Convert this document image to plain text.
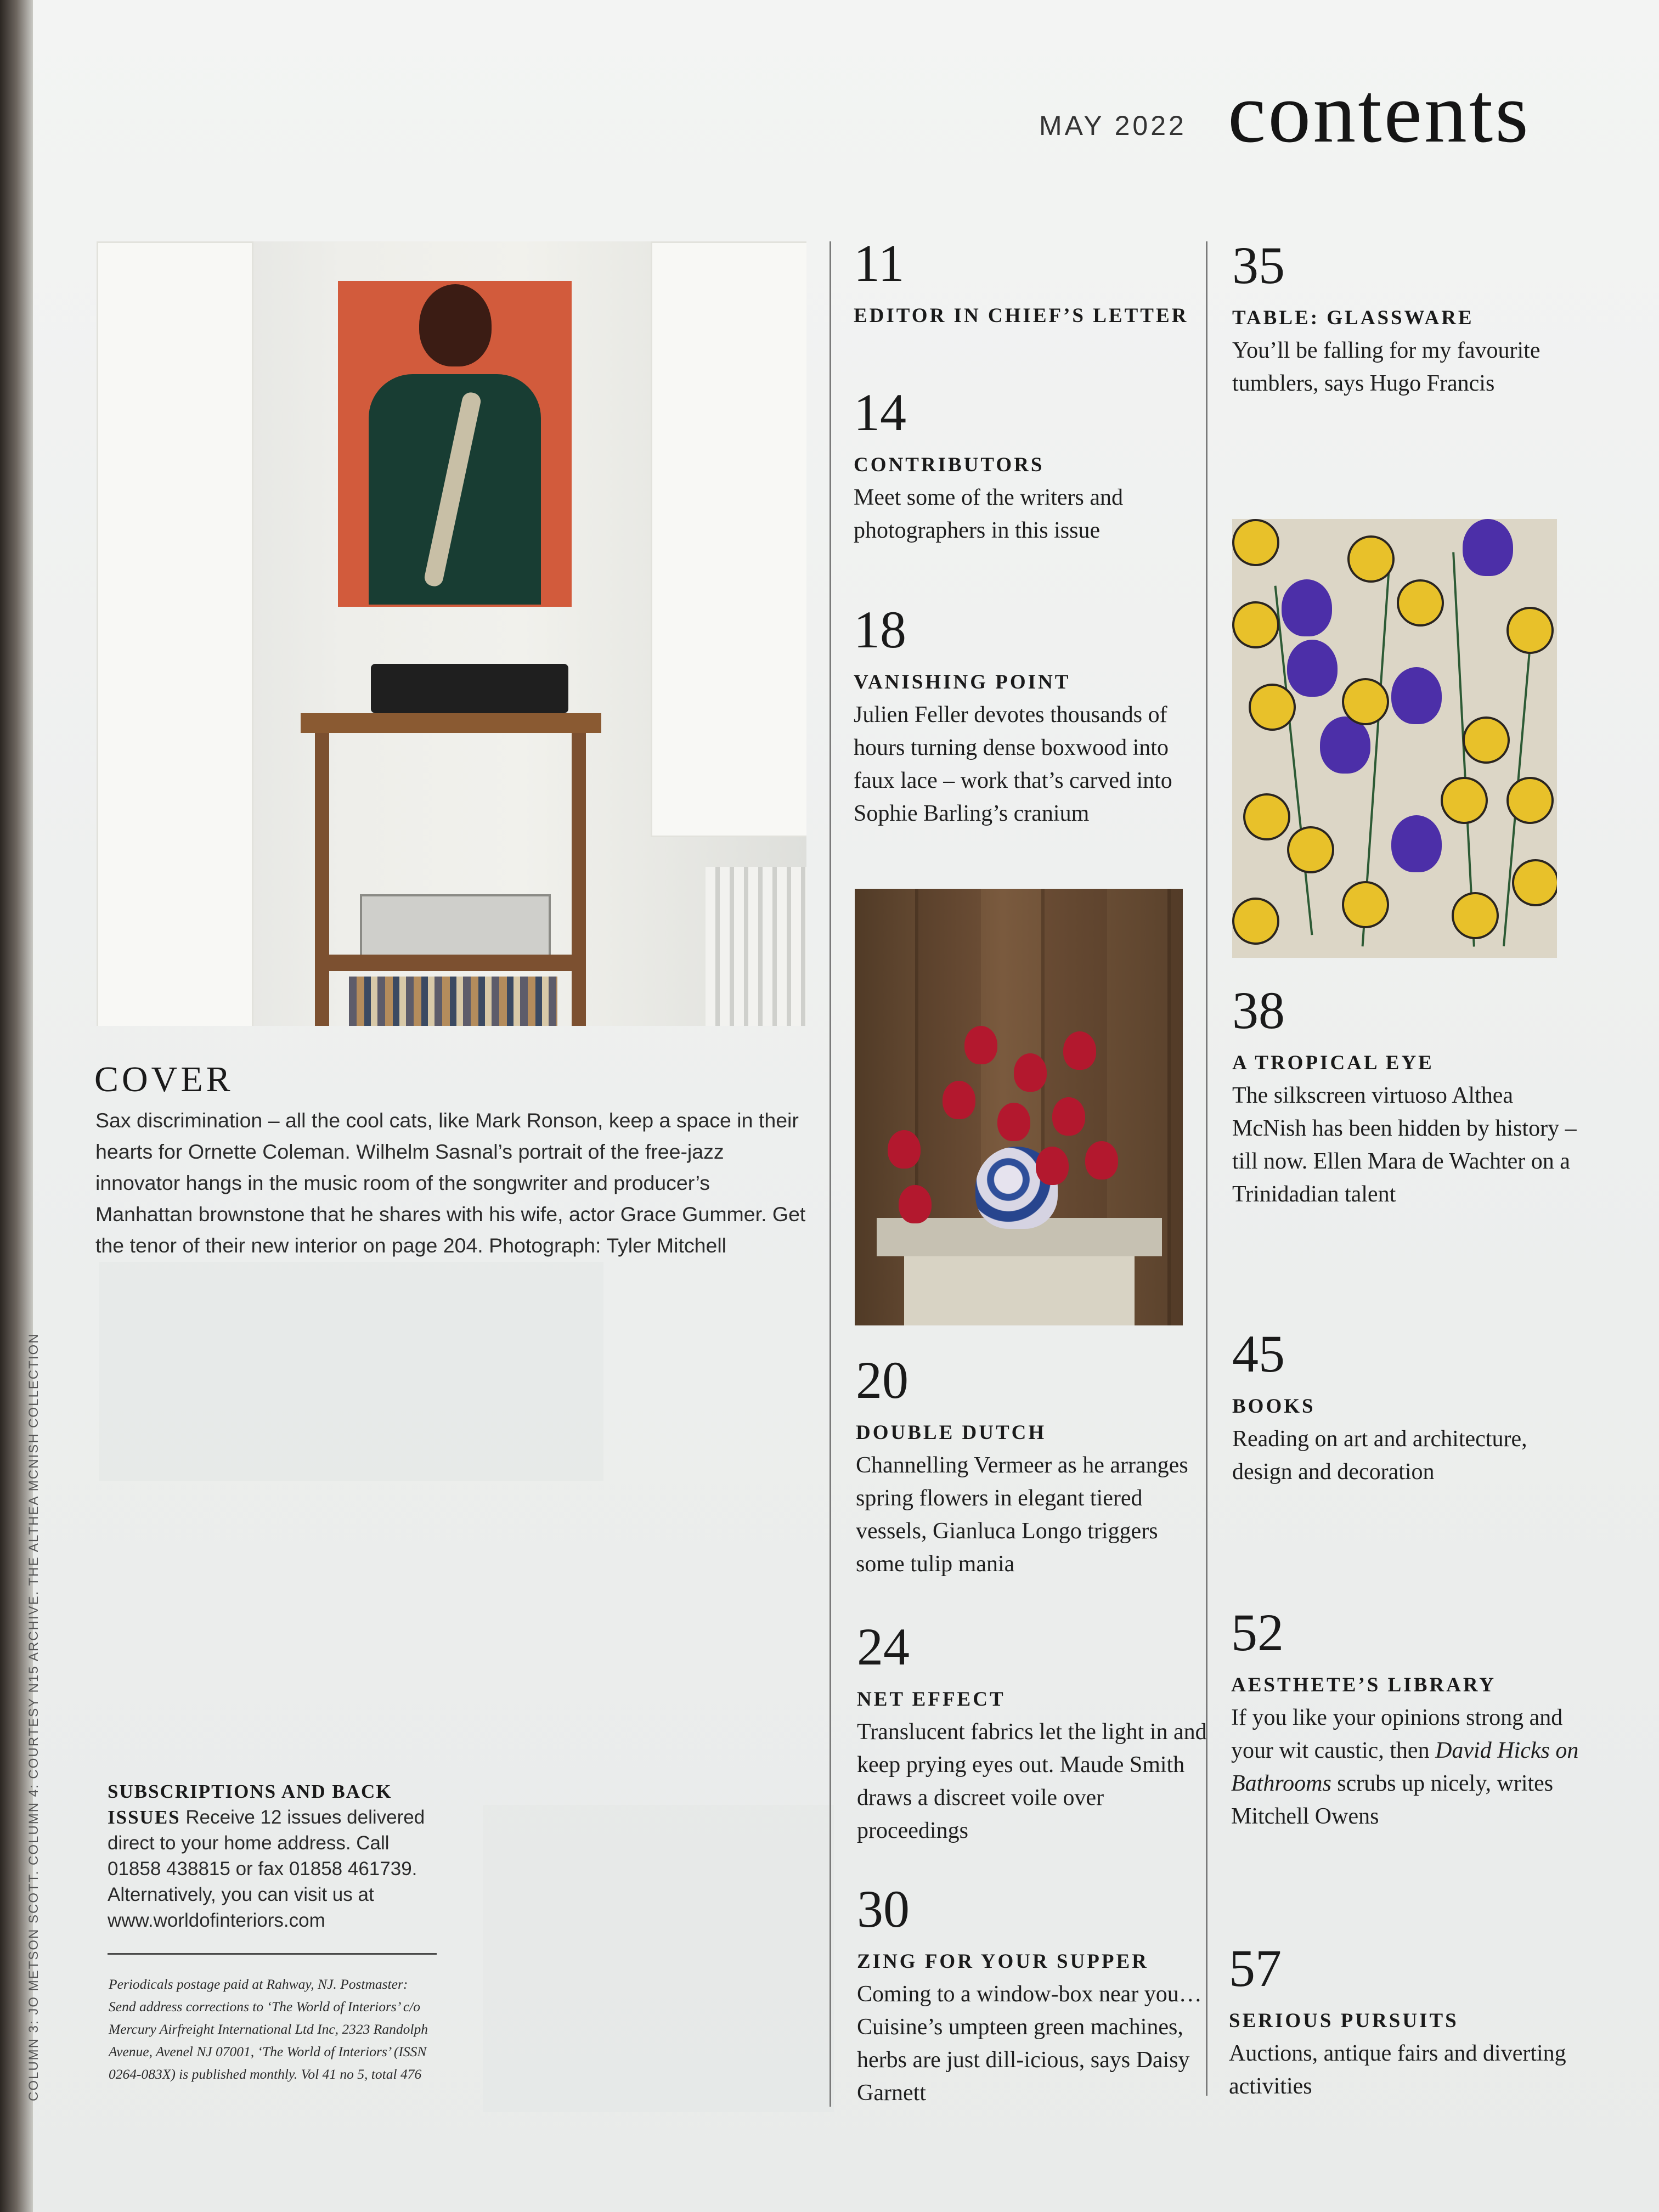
MAY 2022 contents
COVER
Sax discrimination – all the cool cats, like Mark Ronson, keep a space in their hearts for Ornette Coleman. Wilhelm Sasnal’s portrait of the free-jazz innovator hangs in the music room of the songwriter and producer’s Manhattan brownstone that he shares with his wife, actor Grace Gummer. Get the tenor of their new interior on page 204. Photograph: Tyler Mitchell
COLUMN 3: JO METSON SCOTT. COLUMN 4: COURTESY N15 ARCHIVE. THE ALTHEA MCNISH COLLECTION	SUBSCRIPTIONS AND BACK ISSUES Receive 12 issues delivered direct to your home address. Call 01858 438815 or fax 01858 461739. Alternatively, you can visit us at www.worldofinteriors.com
Periodicals postage paid at Rahway, NJ. Postmaster: Send address corrections to ‘The World of Interiors’ c/o Mercury Airfreight International Ltd Inc, 2323 Randolph Avenue, Avenel NJ 07001, ‘The World of Interiors’ (ISSN 0264-083X) is published monthly. Vol 41 no 5, total 476
11
EDITOR IN CHIEF’S LETTER
14
CONTRIBUTORS
Meet some of the writers and photographers in this issue
18
VANISHING POINT
Julien Feller devotes thousands of hours turning dense boxwood into faux lace – work that’s carved into Sophie Barling’s cranium
20
DOUBLE DUTCH
Channelling Vermeer as he arranges spring flowers in elegant tiered vessels, Gianluca Longo triggers some tulip mania
24
NET EFFECT
Translucent fabrics let the light in and keep prying eyes out. Maude Smith draws a discreet voile over proceedings
30
ZING FOR YOUR SUPPER
Coming to a window-box near you… Cuisine’s umpteen green machines, herbs are just dill-icious, says Daisy Garnett
35
TABLE: GLASSWARE
You’ll be falling for my favourite tumblers, says Hugo Francis
38
A TROPICAL EYE
The silkscreen virtuoso Althea McNish has been hidden by history – till now. Ellen Mara de Wachter on a Trinidadian talent
45
BOOKS
Reading on art and architecture, design and decoration
52
AESTHETE’S LIBRARY
If you like your opinions strong and your wit caustic, then David Hicks on Bathrooms scrubs up nicely, writes Mitchell Owens
57
SERIOUS PURSUITS
Auctions, antique fairs and diverting activities
